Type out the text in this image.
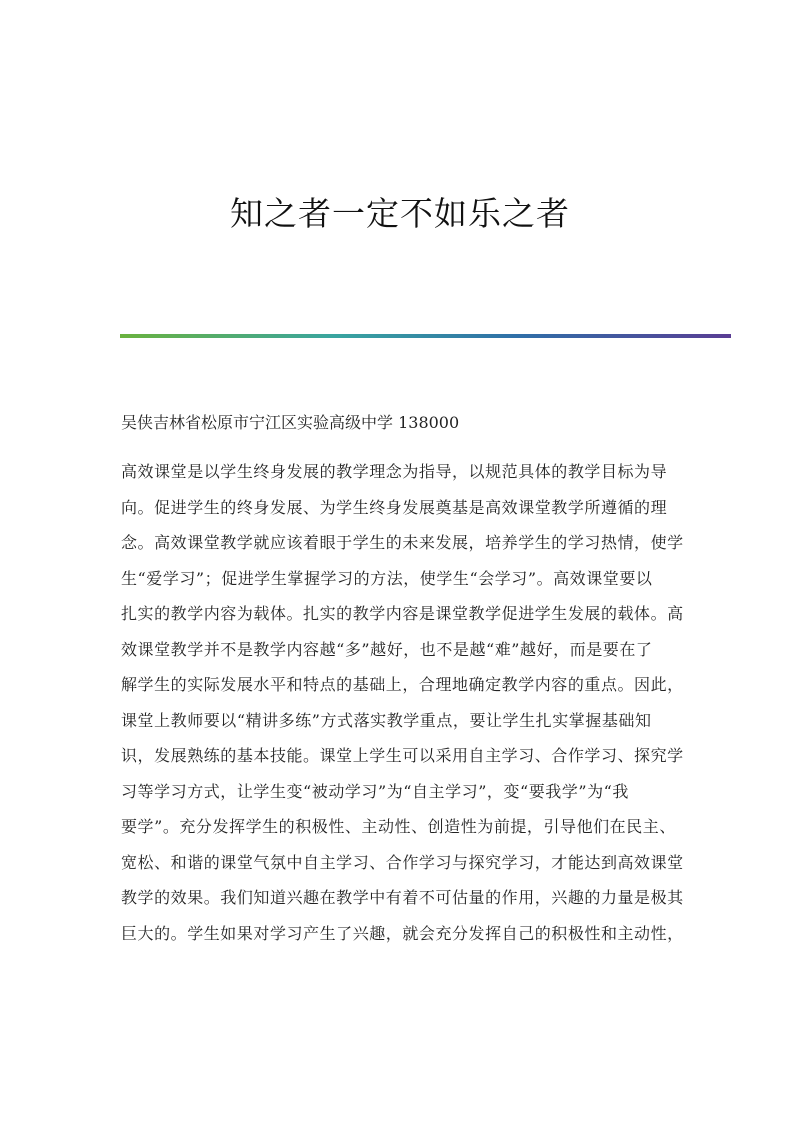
知之者一定不如乐之者
吴侠吉林省松原市宁江区实验高级中学 138000
高效课堂是以学生终身发展的教学理念为指导，以规范具体的教学目标为导
向。促进学生的终身发展、为学生终身发展奠基是高效课堂教学所遵循的理
念。高效课堂教学就应该着眼于学生的未来发展，培养学生的学习热情，使学
生“爱学习”；促进学生掌握学习的方法，使学生“会学习”。高效课堂要以
扎实的教学内容为载体。扎实的教学内容是课堂教学促进学生发展的载体。高
效课堂教学并不是教学内容越“多”越好，也不是越“难”越好，而是要在了
解学生的实际发展水平和特点的基础上，合理地确定教学内容的重点。因此，
课堂上教师要以“精讲多练”方式落实教学重点，要让学生扎实掌握基础知
识，发展熟练的基本技能。课堂上学生可以采用自主学习、合作学习、探究学
习等学习方式，让学生变“被动学习”为“自主学习”，变“要我学”为“我
要学”。充分发挥学生的积极性、主动性、创造性为前提，引导他们在民主、
宽松、和谐的课堂气氛中自主学习、合作学习与探究学习，才能达到高效课堂
教学的效果。我们知道兴趣在教学中有着不可估量的作用，兴趣的力量是极其
巨大的。学生如果对学习产生了兴趣，就会充分发挥自己的积极性和主动性，
